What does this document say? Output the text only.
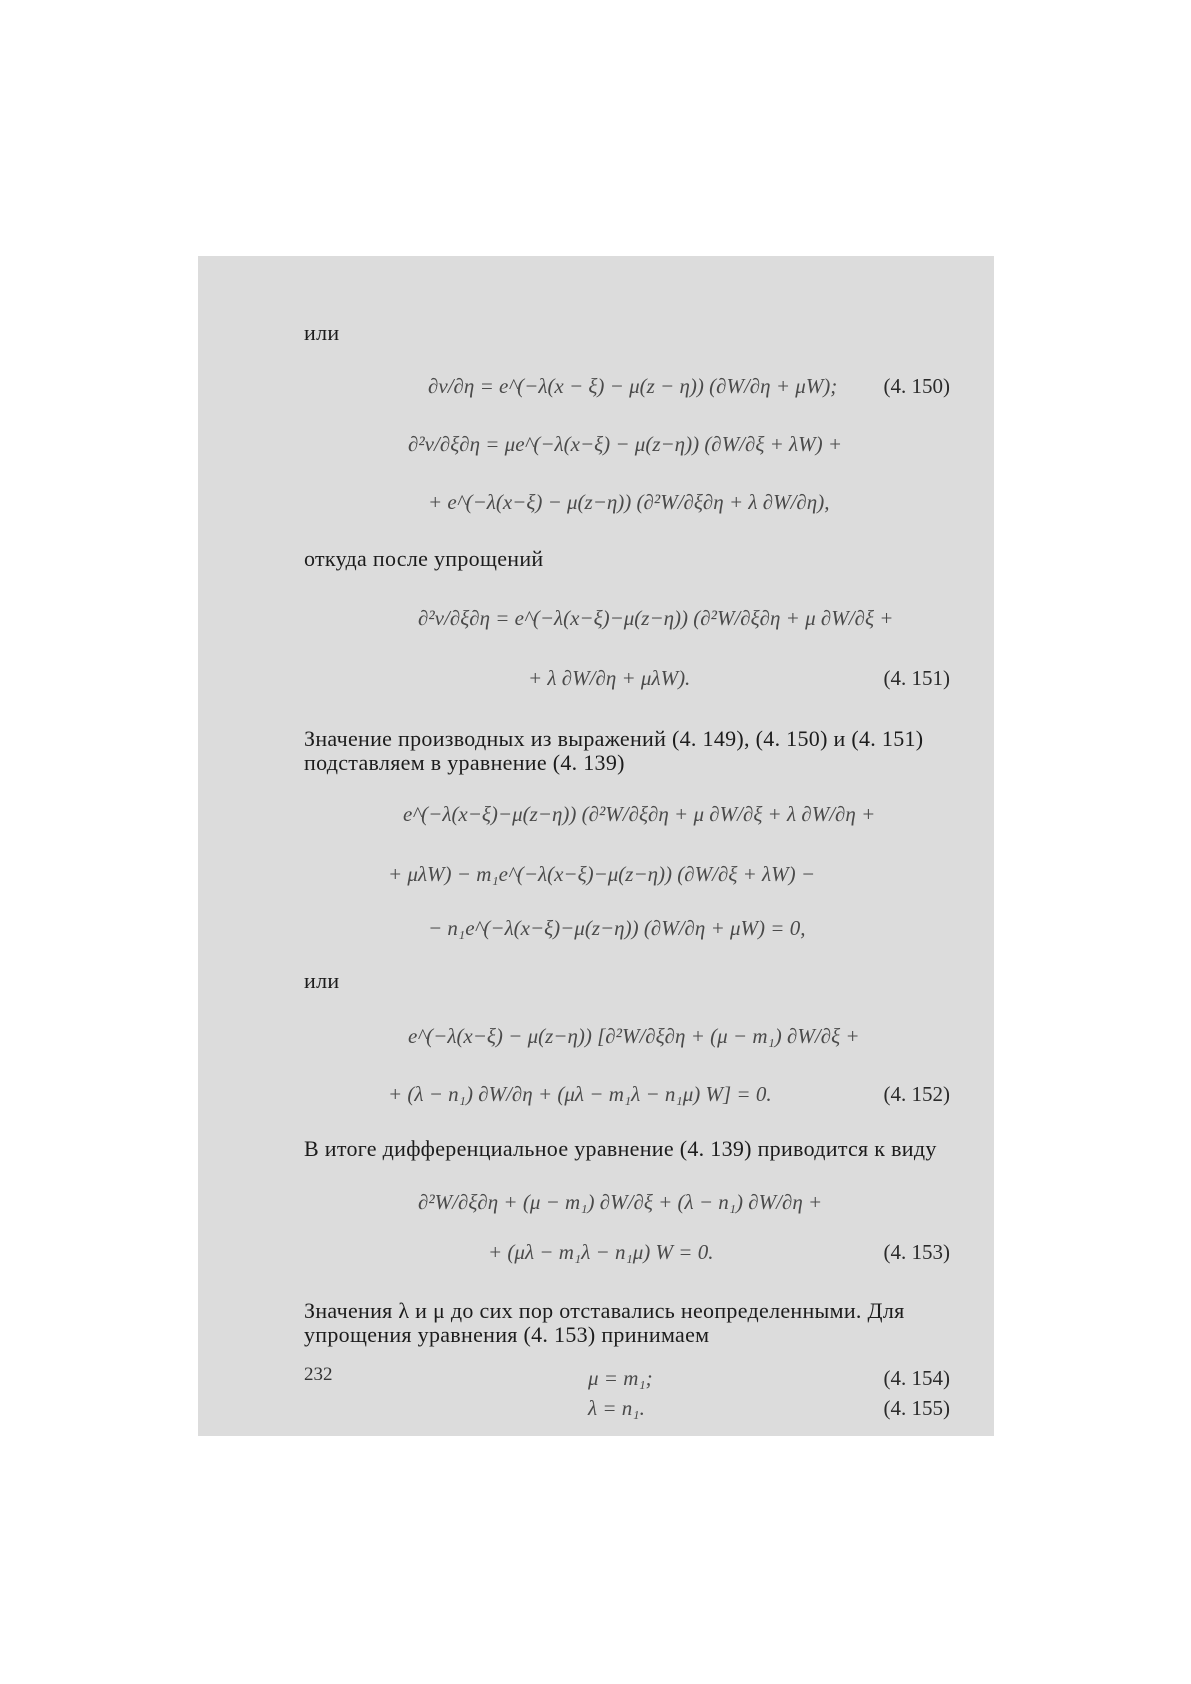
или
∂v/∂η = e^(−λ(x − ξ) − μ(z − η)) (∂W/∂η + μW); (4. 150)
∂²v/∂ξ∂η = μe^(−λ(x−ξ) − μ(z−η)) (∂W/∂ξ + λW) +
+ e^(−λ(x−ξ) − μ(z−η)) (∂²W/∂ξ∂η + λ ∂W/∂η),
откуда после упрощений
∂²v/∂ξ∂η = e^(−λ(x−ξ)−μ(z−η)) (∂²W/∂ξ∂η + μ ∂W/∂ξ +
+ λ ∂W/∂η + μλW).	(4. 151)
Значение производных из выражений (4. 149), (4. 150) и (4. 151)
подставляем в уравнение (4. 139)
e^(−λ(x−ξ)−μ(z−η)) (∂²W/∂ξ∂η + μ ∂W/∂ξ + λ ∂W/∂η +
+ μλW) − m₁e^(−λ(x−ξ)−μ(z−η)) (∂W/∂ξ + λW) −
− n₁e^(−λ(x−ξ)−μ(z−η)) (∂W/∂η + μW) = 0,
или
e^(−λ(x−ξ) − μ(z−η)) [∂²W/∂ξ∂η + (μ − m₁) ∂W/∂ξ +
+ (λ − n₁) ∂W/∂η + (μλ − m₁λ − n₁μ) W] = 0.	(4. 152)
В итоге дифференциальное уравнение (4. 139) приводится к виду
∂²W/∂ξ∂η + (μ − m₁) ∂W/∂ξ + (λ − n₁) ∂W/∂η +
+ (μλ − m₁λ − n₁μ) W = 0.	(4. 153)
Значения λ и μ до сих пор отставались неопределенными. Для
упрощения уравнения (4. 153) принимаем
μ = m₁;	(4. 154)
λ = n₁.	(4. 155)
232
